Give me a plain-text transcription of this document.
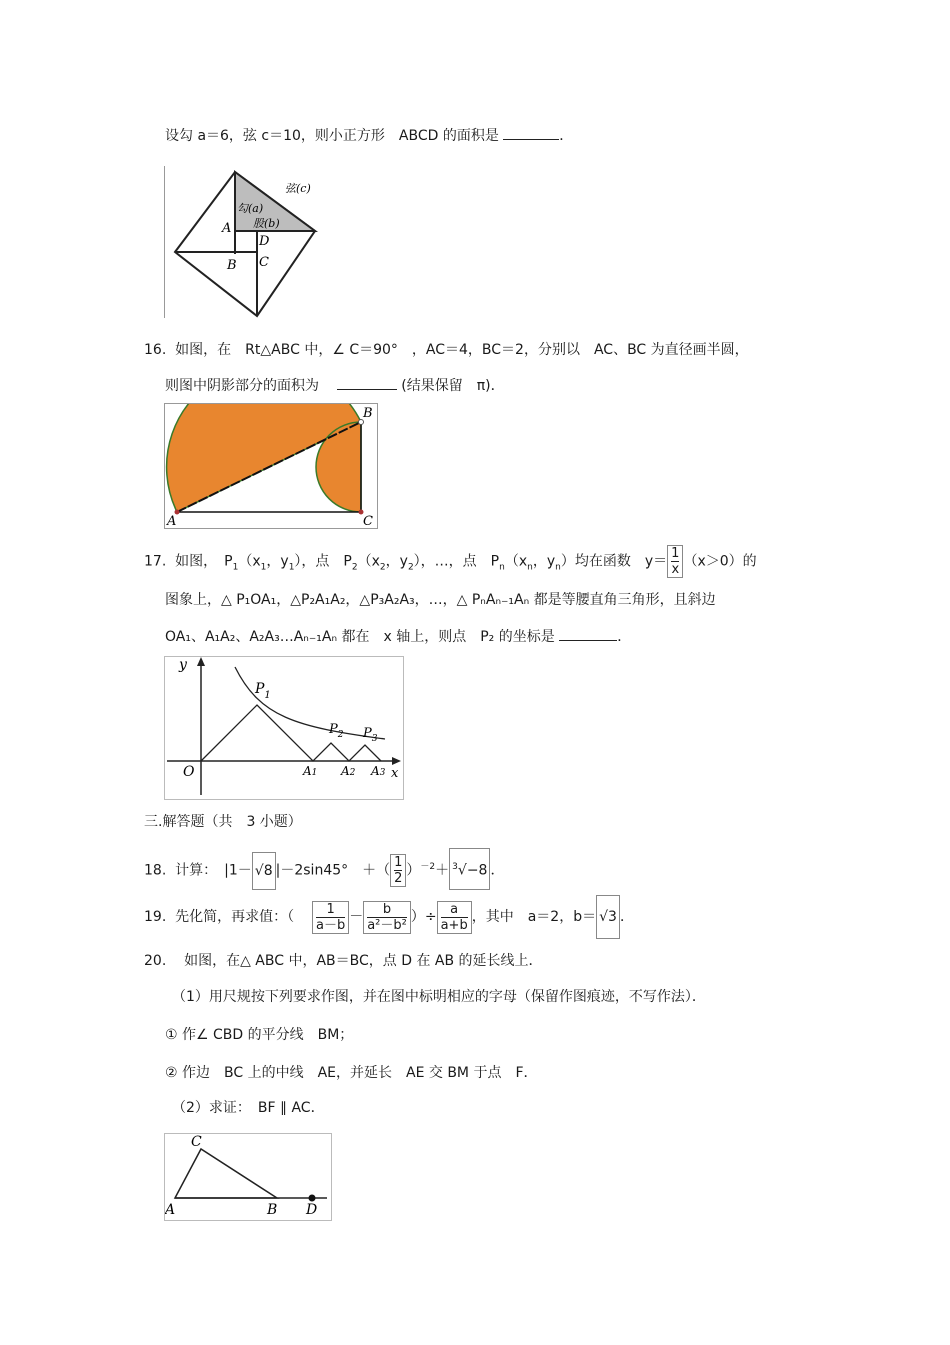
设勾 a＝6，弦 c＝10，则小正方形　ABCD 的面积是	．
弦(c)
勾(a)
股(b)
A
D
B C
16. 如图，在　Rt△ABC 中，∠ C＝90°　，AC＝4，BC＝2，分别以　AC、BC 为直径画半圆，
则图中阴影部分的面积为	(结果保留　π)．
A
B
C
17. 如图，　$P_1(x_1$，$y_1$），点　$P_2(x_2$，$y_2$），…，点　$P_n(x_n$，$y_n$）均在函数　$y= \frac{1}{x} (x>0)$的
图象上，△ P₁OA₁，△P₂A₁A₂，△P₃A₂A₃，…，△ PₙAₙ₋₁Aₙ 都是等腰直角三角形，且斜边
OA₁、A₁A₂、A₂A₃…Aₙ₋₁Aₙ 都在　x 轴上，则点　P₂ 的坐标是	．
y
x
O
$P_1$
$P_2$ $P_3$
A1 A2 A3
三.解答题（共　3 小题）
18. 计算：　|1－ √8 |－2sin45°　＋（ $\frac{1}{2} )^{-2}+ ^3√-8$ ．
19. 先化简，再求值：（ $\frac{1}{a-b} - \frac{b}{\text{a²－b²}}$ ）÷ $\frac{a}{a+b}$ ，其中　a＝2，b＝ √3 ．
20. 如图，在△ ABC 中，AB＝BC，点 D 在 AB 的延长线上．
（1）用尺规按下列要求作图，并在图中标明相应的字母（保留作图痕迹，不写作法）．
① 作∠ CBD 的平分线　BM；
② 作边　BC 上的中线　AE，并延长　AE 交 BM 于点　F．
（2）求证：　BF ∥ AC．
C
A	B D
